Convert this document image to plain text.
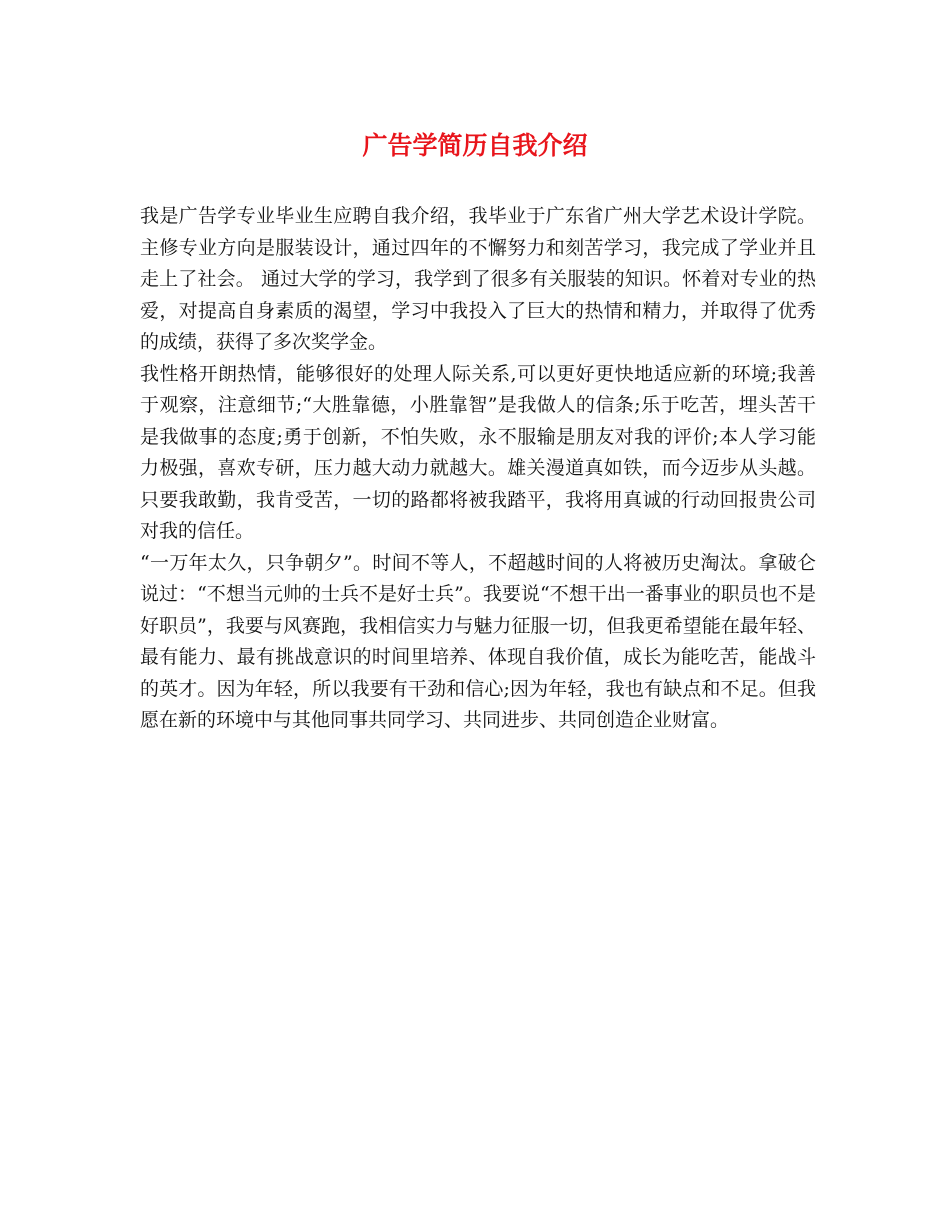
广告学简历自我介绍

我是广告学专业毕业生应聘自我介绍，我毕业于广东省广州大学艺术设计学院。主修专业方向是服装设计，通过四年的不懈努力和刻苦学习，我完成了学业并且走上了社会。 通过大学的学习，我学到了很多有关服装的知识。怀着对专业的热爱，对提高自身素质的渴望，学习中我投入了巨大的热情和精力，并取得了优秀的成绩，获得了多次奖学金。

我性格开朗热情，能够很好的处理人际关系,可以更好更快地适应新的环境;我善于观察，注意细节;“大胜靠德，小胜靠智”是我做人的信条;乐于吃苦，埋头苦干是我做事的态度;勇于创新，不怕失败，永不服输是朋友对我的评价;本人学习能力极强，喜欢专研，压力越大动力就越大。雄关漫道真如铁，而今迈步从头越。只要我敢勤，我肯受苦，一切的路都将被我踏平，我将用真诚的行动回报贵公司对我的信任。

“一万年太久，只争朝夕”。时间不等人，不超越时间的人将被历史淘汰。拿破仑说过：“不想当元帅的士兵不是好士兵”。我要说“不想干出一番事业的职员也不是好职员”，我要与风赛跑，我相信实力与魅力征服一切，但我更希望能在最年轻、最有能力、最有挑战意识的时间里培养、体现自我价值，成长为能吃苦，能战斗的英才。因为年轻，所以我要有干劲和信心;因为年轻，我也有缺点和不足。但我愿在新的环境中与其他同事共同学习、共同进步、共同创造企业财富。
